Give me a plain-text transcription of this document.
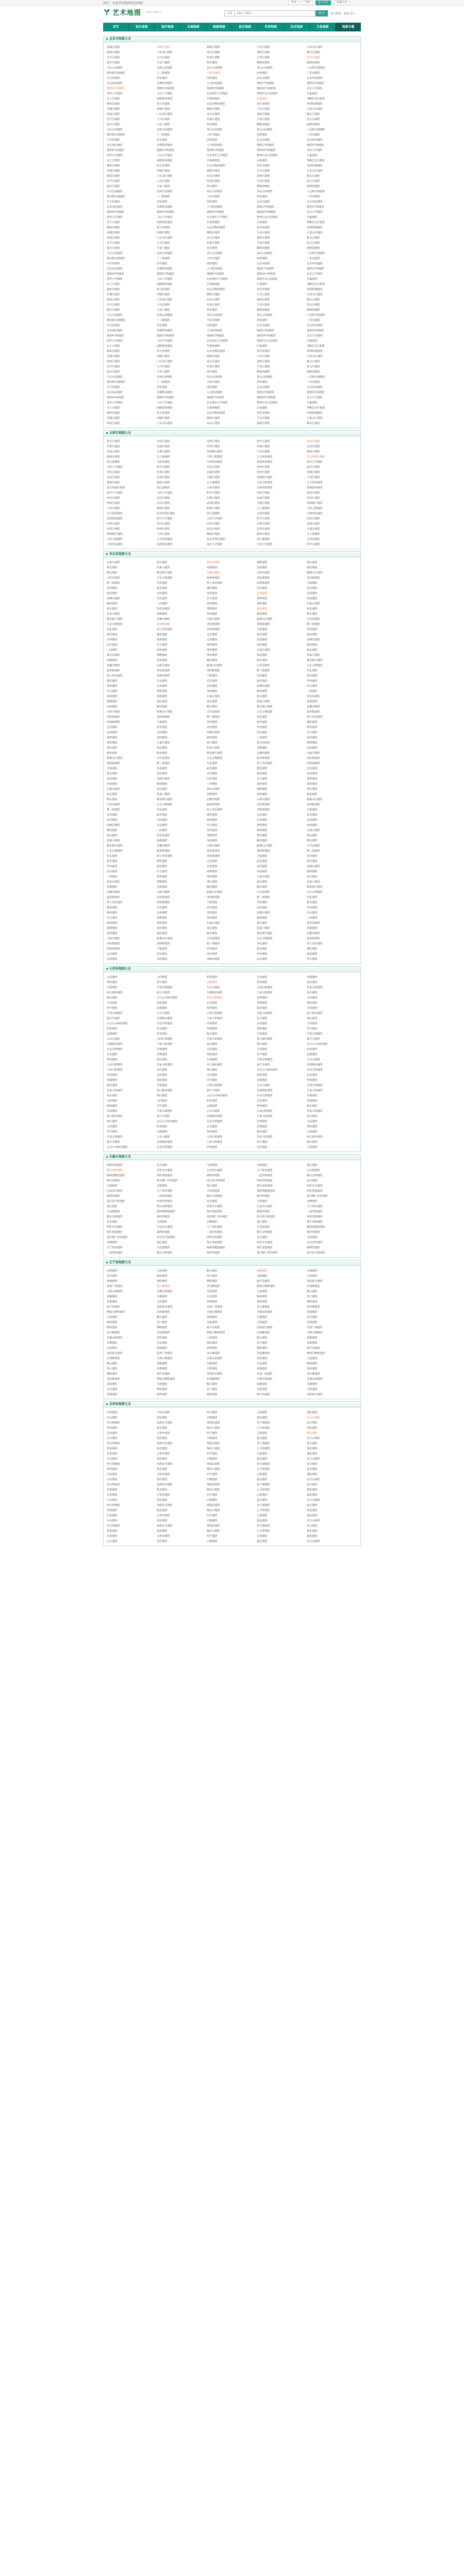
您好，欢迎来到地理信息网站	登录	注册	设为首页	收藏本站
艺术地图 www.ysdt.cn	全部
请输入关键词	搜 索	热门搜索：地图 景点
首页	省区地图	城市地图	交通地图	旅游地图	县区地图	世界地图	历史地图	卫星地图	地图专题
北京市地图大全
东城区地图	西城区地图	朝阳区地图	丰台区地图	石景山区地图
海淀区地图	门头沟区地图	房山区地图	通州区地图	顺义区地图
昌平区地图	大兴区地图	怀柔区地图	平谷区地图	密云区地图
延庆区地图	天安门地图	故宫地图	颐和园地图	圆明园地图
天坛公园地图	北海公园地图	景山公园地图	香山公园地图	八达岭长城地图
慕田峪长城地图	十三陵地图	王府井地图	西单地图	三里屯地图
中关村地图	望京地图	国贸地图	北京站地图	北京西站地图
北京南站地图	首都机场地图	大兴机场地图	地铁1号线地图	地铁2号线地图
地铁4号线地图	地铁5号线地图	地铁6号线地图	地铁10号线地图	北京大学地图
清华大学地图	人民大学地图	北京师范大学地图	奥林匹克公园地图	鸟巢地图
水立方地图	南锣鼓巷地图	什刹海地图	后海地图	798艺术区地图
雍和宫地图	恭王府地图	北京动物园地图	欢乐谷地图	环球影城地图
东城区地图	西城区地图	朝阳区地图	丰台区地图	石景山区地图
海淀区地图	门头沟区地图	房山区地图	通州区地图	顺义区地图
昌平区地图	大兴区地图	怀柔区地图	平谷区地图	密云区地图
延庆区地图	天安门地图	故宫地图	颐和园地图	圆明园地图
天坛公园地图	北海公园地图	景山公园地图	香山公园地图	八达岭长城地图
慕田峪长城地图	十三陵地图	王府井地图	西单地图	三里屯地图
中关村地图	望京地图	国贸地图	北京站地图	北京西站地图
北京南站地图	首都机场地图	大兴机场地图	地铁1号线地图	地铁2号线地图
地铁4号线地图	地铁5号线地图	地铁6号线地图	地铁10号线地图	北京大学地图
清华大学地图	人民大学地图	北京师范大学地图	奥林匹克公园地图	鸟巢地图
水立方地图	南锣鼓巷地图	什刹海地图	后海地图	798艺术区地图
雍和宫地图	恭王府地图	北京动物园地图	欢乐谷地图	环球影城地图
东城区地图	西城区地图	朝阳区地图	丰台区地图	石景山区地图
海淀区地图	门头沟区地图	房山区地图	通州区地图	顺义区地图
昌平区地图	大兴区地图	怀柔区地图	平谷区地图	密云区地图
延庆区地图	天安门地图	故宫地图	颐和园地图	圆明园地图
天坛公园地图	北海公园地图	景山公园地图	香山公园地图	八达岭长城地图
慕田峪长城地图	十三陵地图	王府井地图	西单地图	三里屯地图
中关村地图	望京地图	国贸地图	北京站地图	北京西站地图
北京南站地图	首都机场地图	大兴机场地图	地铁1号线地图	地铁2号线地图
地铁4号线地图	地铁5号线地图	地铁6号线地图	地铁10号线地图	北京大学地图
清华大学地图	人民大学地图	北京师范大学地图	奥林匹克公园地图	鸟巢地图
水立方地图	南锣鼓巷地图	什刹海地图	后海地图	798艺术区地图
雍和宫地图	恭王府地图	北京动物园地图	欢乐谷地图	环球影城地图
东城区地图	西城区地图	朝阳区地图	丰台区地图	石景山区地图
海淀区地图	门头沟区地图	房山区地图	通州区地图	顺义区地图
昌平区地图	大兴区地图	怀柔区地图	平谷区地图	密云区地图
延庆区地图	天安门地图	故宫地图	颐和园地图	圆明园地图
天坛公园地图	北海公园地图	景山公园地图	香山公园地图	八达岭长城地图
慕田峪长城地图	十三陵地图	王府井地图	西单地图	三里屯地图
中关村地图	望京地图	国贸地图	北京站地图	北京西站地图
北京南站地图	首都机场地图	大兴机场地图	地铁1号线地图	地铁2号线地图
地铁4号线地图	地铁5号线地图	地铁6号线地图	地铁10号线地图	北京大学地图
清华大学地图	人民大学地图	北京师范大学地图	奥林匹克公园地图	鸟巢地图
水立方地图	南锣鼓巷地图	什刹海地图	后海地图	798艺术区地图
雍和宫地图	恭王府地图	北京动物园地图	欢乐谷地图	环球影城地图
东城区地图	西城区地图	朝阳区地图	丰台区地图	石景山区地图
海淀区地图	门头沟区地图	房山区地图	通州区地图	顺义区地图
昌平区地图	大兴区地图	怀柔区地图	平谷区地图	密云区地图
延庆区地图	天安门地图	故宫地图	颐和园地图	圆明园地图
天坛公园地图	北海公园地图	景山公园地图	香山公园地图	八达岭长城地图
慕田峪长城地图	十三陵地图	王府井地图	西单地图	三里屯地图
中关村地图	望京地图	国贸地图	北京站地图	北京西站地图
北京南站地图	首都机场地图	大兴机场地图	地铁1号线地图	地铁2号线地图
地铁4号线地图	地铁5号线地图	地铁6号线地图	地铁10号线地图	北京大学地图
清华大学地图	人民大学地图	北京师范大学地图	奥林匹克公园地图	鸟巢地图
水立方地图	南锣鼓巷地图	什刹海地图	后海地图	798艺术区地图
雍和宫地图	恭王府地图	北京动物园地图	欢乐谷地图	环球影城地图
东城区地图	西城区地图	朝阳区地图	丰台区地图	石景山区地图
海淀区地图	门头沟区地图	房山区地图	通州区地图	顺义区地图
昌平区地图	大兴区地图	怀柔区地图	平谷区地图	密云区地图
延庆区地图	天安门地图	故宫地图	颐和园地图	圆明园地图
天坛公园地图	北海公园地图	景山公园地图	香山公园地图	八达岭长城地图
慕田峪长城地图	十三陵地图	王府井地图	西单地图	三里屯地图
中关村地图	望京地图	国贸地图	北京站地图	北京西站地图
北京南站地图	首都机场地图	大兴机场地图	地铁1号线地图	地铁2号线地图
地铁4号线地图	地铁5号线地图	地铁6号线地图	地铁10号线地图	北京大学地图
清华大学地图	人民大学地图	北京师范大学地图	奥林匹克公园地图	鸟巢地图
水立方地图	南锣鼓巷地图	什刹海地图	后海地图	798艺术区地图
雍和宫地图	恭王府地图	北京动物园地图	欢乐谷地图	环球影城地图
东城区地图	西城区地图	朝阳区地图	丰台区地图	石景山区地图
海淀区地图	门头沟区地图	房山区地图	通州区地图	顺义区地图
天津市地图大全
和平区地图	河东区地图	河西区地图	南开区地图	河北区地图
红桥区地图	东丽区地图	西青区地图	津南区地图	北辰区地图
武清区地图	宝坻区地图	滨海新区地图	宁河区地图	静海区地图
蓟州区地图	五大道地图	天津之眼地图	古文化街地图	意式风情区地图
滨江道地图	天津站地图	天津西站地图	滨海机场地图	南开大学地图
天津大学地图	和平区地图	河东区地图	河西区地图	南开区地图
河北区地图	红桥区地图	东丽区地图	西青区地图	津南区地图
北辰区地图	武清区地图	宝坻区地图	滨海新区地图	宁河区地图
静海区地图	蓟州区地图	五大道地图	天津之眼地图	古文化街地图
意式风情区地图	滨江道地图	天津站地图	天津西站地图	滨海机场地图
南开大学地图	天津大学地图	和平区地图	河东区地图	河西区地图
南开区地图	河北区地图	红桥区地图	东丽区地图	西青区地图
津南区地图	北辰区地图	武清区地图	宝坻区地图	滨海新区地图
宁河区地图	静海区地图	蓟州区地图	五大道地图	天津之眼地图
古文化街地图	意式风情区地图	滨江道地图	天津站地图	天津西站地图
滨海机场地图	南开大学地图	天津大学地图	和平区地图	河东区地图
河西区地图	南开区地图	河北区地图	红桥区地图	东丽区地图
西青区地图	津南区地图	北辰区地图	武清区地图	宝坻区地图
滨海新区地图	宁河区地图	静海区地图	蓟州区地图	五大道地图
天津之眼地图	古文化街地图	意式风情区地图	滨江道地图	天津站地图
天津西站地图	滨海机场地图	南开大学地图	天津大学地图	和平区地图
河北省地图大全
石家庄地图	唐山地图	秦皇岛地图	邯郸地图	邢台地图
保定地图	张家口地图	承德地图	沧州地图	廊坊地图
衡水地图	雄安新区地图	北戴河地图	山海关地图	避暑山庄地图
白洋淀地图	正定古城地图	赵州桥地图	清东陵地图	清西陵地图
野三坡地图	崇礼地图	坝上草原地图	西柏坡地图	辛集地图
晋州地图	新乐地图	遵化地图	迁安地图	武安地图
南宫地图	沙河地图	涿州地图	定州地图	安国地图
高碑店地图	泊头地图	任丘地图	黄骅地图	河间地图
霸州地图	三河地图	深州地图	滦州地图	石家庄地图
唐山地图	秦皇岛地图	邯郸地图	邢台地图	保定地图
张家口地图	承德地图	沧州地图	廊坊地图	衡水地图
雄安新区地图	北戴河地图	山海关地图	避暑山庄地图	白洋淀地图
正定古城地图	赵州桥地图	清东陵地图	清西陵地图	野三坡地图
崇礼地图	坝上草原地图	西柏坡地图	辛集地图	晋州地图
新乐地图	遵化地图	迁安地图	武安地图	南宫地图
沙河地图	涿州地图	定州地图	安国地图	高碑店地图
泊头地图	任丘地图	黄骅地图	河间地图	霸州地图
三河地图	深州地图	滦州地图	石家庄地图	唐山地图
秦皇岛地图	邯郸地图	邢台地图	保定地图	张家口地图
承德地图	沧州地图	廊坊地图	衡水地图	雄安新区地图
北戴河地图	山海关地图	避暑山庄地图	白洋淀地图	正定古城地图
赵州桥地图	清东陵地图	清西陵地图	野三坡地图	崇礼地图
坝上草原地图	西柏坡地图	辛集地图	晋州地图	新乐地图
遵化地图	迁安地图	武安地图	南宫地图	沙河地图
涿州地图	定州地图	安国地图	高碑店地图	泊头地图
任丘地图	黄骅地图	河间地图	霸州地图	三河地图
深州地图	滦州地图	石家庄地图	唐山地图	秦皇岛地图
邯郸地图	邢台地图	保定地图	张家口地图	承德地图
沧州地图	廊坊地图	衡水地图	雄安新区地图	北戴河地图
山海关地图	避暑山庄地图	白洋淀地图	正定古城地图	赵州桥地图
清东陵地图	清西陵地图	野三坡地图	崇礼地图	坝上草原地图
西柏坡地图	辛集地图	晋州地图	新乐地图	遵化地图
迁安地图	武安地图	南宫地图	沙河地图	涿州地图
定州地图	安国地图	高碑店地图	泊头地图	任丘地图
黄骅地图	河间地图	霸州地图	三河地图	深州地图
滦州地图	石家庄地图	唐山地图	秦皇岛地图	邯郸地图
邢台地图	保定地图	张家口地图	承德地图	沧州地图
廊坊地图	衡水地图	雄安新区地图	北戴河地图	山海关地图
避暑山庄地图	白洋淀地图	正定古城地图	赵州桥地图	清东陵地图
清西陵地图	野三坡地图	崇礼地图	坝上草原地图	西柏坡地图
辛集地图	晋州地图	新乐地图	遵化地图	迁安地图
武安地图	南宫地图	沙河地图	涿州地图	定州地图
安国地图	高碑店地图	泊头地图	任丘地图	黄骅地图
河间地图	霸州地图	三河地图	深州地图	滦州地图
石家庄地图	唐山地图	秦皇岛地图	邯郸地图	邢台地图
保定地图	张家口地图	承德地图	沧州地图	廊坊地图
衡水地图	雄安新区地图	北戴河地图	山海关地图	避暑山庄地图
白洋淀地图	正定古城地图	赵州桥地图	清东陵地图	清西陵地图
野三坡地图	崇礼地图	坝上草原地图	西柏坡地图	辛集地图
晋州地图	新乐地图	遵化地图	迁安地图	武安地图
南宫地图	沙河地图	涿州地图	定州地图	安国地图
高碑店地图	泊头地图	任丘地图	黄骅地图	河间地图
霸州地图	三河地图	深州地图	滦州地图	石家庄地图
唐山地图	秦皇岛地图	邯郸地图	邢台地图	保定地图
张家口地图	承德地图	沧州地图	廊坊地图	衡水地图
雄安新区地图	北戴河地图	山海关地图	避暑山庄地图	白洋淀地图
正定古城地图	赵州桥地图	清东陵地图	清西陵地图	野三坡地图
崇礼地图	坝上草原地图	西柏坡地图	辛集地图	晋州地图
新乐地图	遵化地图	迁安地图	武安地图	南宫地图
沙河地图	涿州地图	定州地图	安国地图	高碑店地图
泊头地图	任丘地图	黄骅地图	河间地图	霸州地图
三河地图	深州地图	滦州地图	石家庄地图	唐山地图
秦皇岛地图	邯郸地图	邢台地图	保定地图	张家口地图
承德地图	沧州地图	廊坊地图	衡水地图	雄安新区地图
北戴河地图	山海关地图	避暑山庄地图	白洋淀地图	正定古城地图
赵州桥地图	清东陵地图	清西陵地图	野三坡地图	崇礼地图
坝上草原地图	西柏坡地图	辛集地图	晋州地图	新乐地图
遵化地图	迁安地图	武安地图	南宫地图	沙河地图
涿州地图	定州地图	安国地图	高碑店地图	泊头地图
任丘地图	黄骅地图	河间地图	霸州地图	三河地图
深州地图	滦州地图	石家庄地图	唐山地图	秦皇岛地图
邯郸地图	邢台地图	保定地图	张家口地图	承德地图
沧州地图	廊坊地图	衡水地图	雄安新区地图	北戴河地图
山海关地图	避暑山庄地图	白洋淀地图	正定古城地图	赵州桥地图
清东陵地图	清西陵地图	野三坡地图	崇礼地图	坝上草原地图
西柏坡地图	辛集地图	晋州地图	新乐地图	遵化地图
迁安地图	武安地图	南宫地图	沙河地图	涿州地图
定州地图	安国地图	高碑店地图	泊头地图	任丘地图
山西省地图大全
太原地图	大同地图	阳泉地图	长治地图	晋城地图
朔州地图	晋中地图	运城地图	忻州地图	临汾地图
吕梁地图	平遥古城地图	五台山地图	云冈石窟地图	乔家大院地图
壶口瀑布地图	悬空寺地图	皇城相府地图	王家大院地图	恒山地图
绵山地图	太行山大峡谷地图	应县木塔地图	晋祠地图	太原地图
大同地图	阳泉地图	长治地图	晋城地图	朔州地图
晋中地图	运城地图	忻州地图	临汾地图	吕梁地图
平遥古城地图	五台山地图	云冈石窟地图	乔家大院地图	壶口瀑布地图
悬空寺地图	皇城相府地图	王家大院地图	恒山地图	绵山地图
太行山大峡谷地图	应县木塔地图	晋祠地图	太原地图	大同地图
阳泉地图	长治地图	晋城地图	朔州地图	晋中地图
运城地图	忻州地图	临汾地图	吕梁地图	平遥古城地图
五台山地图	云冈石窟地图	乔家大院地图	壶口瀑布地图	悬空寺地图
皇城相府地图	王家大院地图	恒山地图	绵山地图	太行山大峡谷地图
应县木塔地图	晋祠地图	太原地图	大同地图	阳泉地图
长治地图	晋城地图	朔州地图	晋中地图	运城地图
忻州地图	临汾地图	吕梁地图	平遥古城地图	五台山地图
云冈石窟地图	乔家大院地图	壶口瀑布地图	悬空寺地图	皇城相府地图
王家大院地图	恒山地图	绵山地图	太行山大峡谷地图	应县木塔地图
晋祠地图	太原地图	大同地图	阳泉地图	长治地图
晋城地图	朔州地图	晋中地图	运城地图	忻州地图
临汾地图	吕梁地图	平遥古城地图	五台山地图	云冈石窟地图
乔家大院地图	壶口瀑布地图	悬空寺地图	皇城相府地图	王家大院地图
恒山地图	绵山地图	太行山大峡谷地图	应县木塔地图	晋祠地图
太原地图	大同地图	阳泉地图	长治地图	晋城地图
朔州地图	晋中地图	运城地图	忻州地图	临汾地图
吕梁地图	平遥古城地图	五台山地图	云冈石窟地图	乔家大院地图
壶口瀑布地图	悬空寺地图	皇城相府地图	王家大院地图	恒山地图
绵山地图	太行山大峡谷地图	应县木塔地图	晋祠地图	太原地图
大同地图	阳泉地图	长治地图	晋城地图	朔州地图
晋中地图	运城地图	忻州地图	临汾地图	吕梁地图
平遥古城地图	五台山地图	云冈石窟地图	乔家大院地图	壶口瀑布地图
悬空寺地图	皇城相府地图	王家大院地图	恒山地图	绵山地图
太行山大峡谷地图	应县木塔地图	晋祠地图	太原地图	大同地图
内蒙古地图大全
呼和浩特地图	包头地图	乌海地图	赤峰地图	通辽地图
鄂尔多斯地图	呼伦贝尔地图	巴彦淖尔地图	乌兰察布地图	兴安盟地图
锡林郭勒盟地图	阿拉善盟地图	满洲里地图	二连浩特地图	额尔古纳地图
响沙湾地图	希拉穆仁草原地图	成吉思汗陵地图	呼和浩特地图	包头地图
乌海地图	赤峰地图	通辽地图	鄂尔多斯地图	呼伦贝尔地图
巴彦淖尔地图	乌兰察布地图	兴安盟地图	锡林郭勒盟地图	阿拉善盟地图
满洲里地图	二连浩特地图	额尔古纳地图	响沙湾地图	希拉穆仁草原地图
成吉思汗陵地图	呼和浩特地图	包头地图	乌海地图	赤峰地图
通辽地图	鄂尔多斯地图	呼伦贝尔地图	巴彦淖尔地图	乌兰察布地图
兴安盟地图	锡林郭勒盟地图	阿拉善盟地图	满洲里地图	二连浩特地图
额尔古纳地图	响沙湾地图	希拉穆仁草原地图	成吉思汗陵地图	呼和浩特地图
包头地图	乌海地图	赤峰地图	通辽地图	鄂尔多斯地图
呼伦贝尔地图	巴彦淖尔地图	乌兰察布地图	兴安盟地图	锡林郭勒盟地图
阿拉善盟地图	满洲里地图	二连浩特地图	额尔古纳地图	响沙湾地图
希拉穆仁草原地图	成吉思汗陵地图	呼和浩特地图	包头地图	乌海地图
赤峰地图	通辽地图	鄂尔多斯地图	呼伦贝尔地图	巴彦淖尔地图
乌兰察布地图	兴安盟地图	锡林郭勒盟地图	阿拉善盟地图	满洲里地图
二连浩特地图	额尔古纳地图	响沙湾地图	希拉穆仁草原地图	成吉思汗陵地图
辽宁省地图大全
沈阳地图	大连地图	鞍山地图	抚顺地图	本溪地图
丹东地图	锦州地图	营口地图	阜新地图	辽阳地图
盘锦地图	铁岭地图	朝阳地图	葫芦岛地图	沈阳故宫地图
星海广场地图	金石滩地图	老虎滩地图	鸭绿江断桥地图	红海滩地图
兴城古城地图	本溪水洞地图	沈阳地图	大连地图	鞍山地图
抚顺地图	本溪地图	丹东地图	锦州地图	营口地图
阜新地图	辽阳地图	盘锦地图	铁岭地图	朝阳地图
葫芦岛地图	沈阳故宫地图	星海广场地图	金石滩地图	老虎滩地图
鸭绿江断桥地图	红海滩地图	兴城古城地图	本溪水洞地图	沈阳地图
大连地图	鞍山地图	抚顺地图	本溪地图	丹东地图
锦州地图	营口地图	阜新地图	辽阳地图	盘锦地图
铁岭地图	朝阳地图	葫芦岛地图	沈阳故宫地图	星海广场地图
金石滩地图	老虎滩地图	鸭绿江断桥地图	红海滩地图	兴城古城地图
本溪水洞地图	沈阳地图	大连地图	鞍山地图	抚顺地图
本溪地图	丹东地图	锦州地图	营口地图	阜新地图
辽阳地图	盘锦地图	铁岭地图	朝阳地图	葫芦岛地图
沈阳故宫地图	星海广场地图	金石滩地图	老虎滩地图	鸭绿江断桥地图
红海滩地图	兴城古城地图	本溪水洞地图	沈阳地图	大连地图
鞍山地图	抚顺地图	本溪地图	丹东地图	锦州地图
营口地图	阜新地图	辽阳地图	盘锦地图	铁岭地图
朝阳地图	葫芦岛地图	沈阳故宫地图	星海广场地图	金石滩地图
老虎滩地图	鸭绿江断桥地图	红海滩地图	兴城古城地图	本溪水洞地图
沈阳地图	大连地图	鞍山地图	抚顺地图	本溪地图
丹东地图	锦州地图	营口地图	阜新地图	辽阳地图
盘锦地图	铁岭地图	朝阳地图	葫芦岛地图	沈阳故宫地图
吉林省地图大全
长春地图	吉林市地图	四平地图	辽源地图	通化地图
白山地图	松原地图	白城地图	延边地图	长白山地图
净月潭地图	伪满皇宫地图	雾凇岛地图	查干湖地图	延吉地图
珲春地图	集安地图	梅河口地图	公主岭地图	敦化地图
长春地图	吉林市地图	四平地图	辽源地图	通化地图
白山地图	松原地图	白城地图	延边地图	长白山地图
净月潭地图	伪满皇宫地图	雾凇岛地图	查干湖地图	延吉地图
珲春地图	集安地图	梅河口地图	公主岭地图	敦化地图
长春地图	吉林市地图	四平地图	辽源地图	通化地图
白山地图	松原地图	白城地图	延边地图	长白山地图
净月潭地图	伪满皇宫地图	雾凇岛地图	查干湖地图	延吉地图
珲春地图	集安地图	梅河口地图	公主岭地图	敦化地图
长春地图	吉林市地图	四平地图	辽源地图	通化地图
白山地图	松原地图	白城地图	延边地图	长白山地图
净月潭地图	伪满皇宫地图	雾凇岛地图	查干湖地图	延吉地图
珲春地图	集安地图	梅河口地图	公主岭地图	敦化地图
长春地图	吉林市地图	四平地图	辽源地图	通化地图
白山地图	松原地图	白城地图	延边地图	长白山地图
净月潭地图	伪满皇宫地图	雾凇岛地图	查干湖地图	延吉地图
珲春地图	集安地图	梅河口地图	公主岭地图	敦化地图
长春地图	吉林市地图	四平地图	辽源地图	通化地图
白山地图	松原地图	白城地图	延边地图	长白山地图
净月潭地图	伪满皇宫地图	雾凇岛地图	查干湖地图	延吉地图
珲春地图	集安地图	梅河口地图	公主岭地图	敦化地图
长春地图	吉林市地图	四平地图	辽源地图	通化地图
白山地图	松原地图	白城地图	延边地图	长白山地图
